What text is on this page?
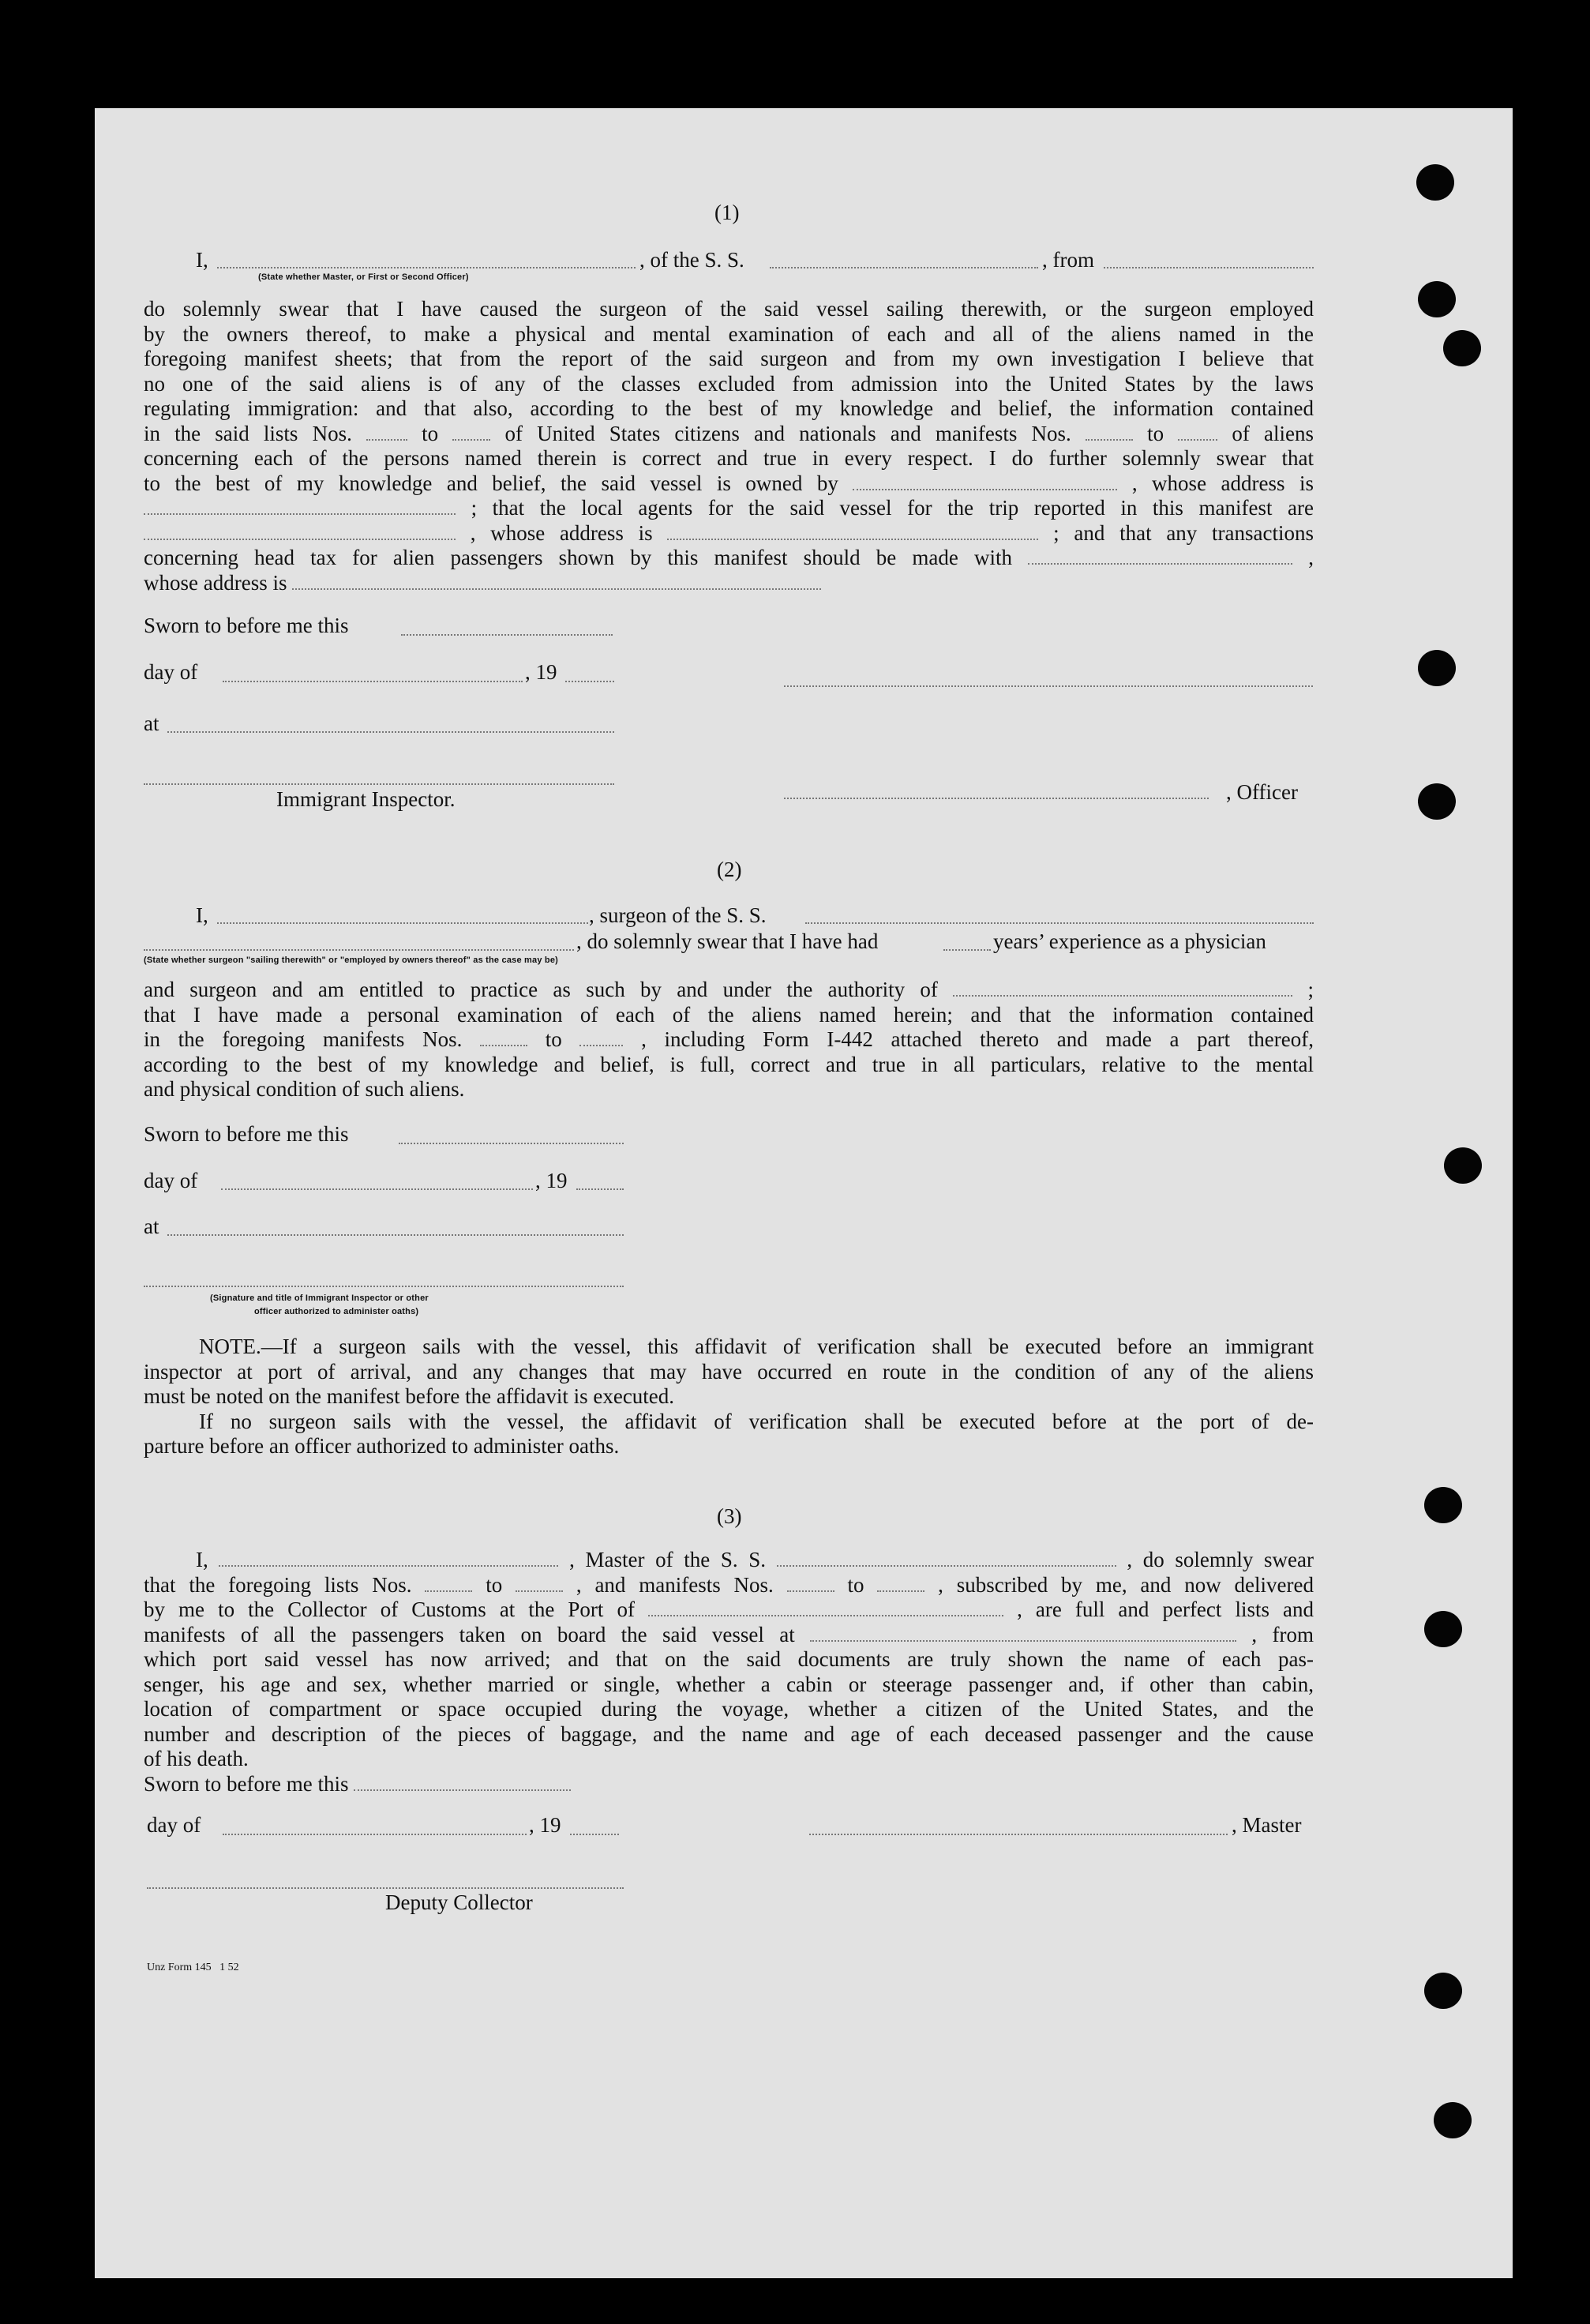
(1)
I,	, of the S. S.	, from
(State whether Master, or First or Second Officer)
do solemnly swear that I have caused the surgeon of the said vessel sailing therewith, or the surgeon employed
by the owners thereof, to make a physical and mental examination of each and all of the aliens named in the
foregoing manifest sheets; that from the report of the said surgeon and from my own investigation I believe that
no one of the said aliens is of any of the classes excluded from admission into the United States by the laws
regulating immigration: and that also, according to the best of my knowledge and belief, the information contained
in the said lists Nos.	to	of United States citizens and nationals and manifests Nos.	to	of aliens
concerning each of the persons named therein is correct and true in every respect. I do further solemnly swear that
to the best of my knowledge and belief, the said vessel is owned by	, whose address is
; that the local agents for the said vessel for the trip reported in this manifest are
, whose address is	; and that any transactions
concerning head tax for alien passengers shown by this manifest should be made with	,
whose address is
Sworn to before me this
day of	, 19
at
Immigrant Inspector.	, Officer
(2)
I,	, surgeon of the S. S.
, do solemnly swear that I have had	years’ experience as a physician
(State whether surgeon "sailing therewith" or "employed by owners thereof" as the case may be)
and surgeon and am entitled to practice as such by and under the authority of	;
that I have made a personal examination of each of the aliens named herein; and that the information contained
in the foregoing manifests Nos.	to	, including Form I-442 attached thereto and made a part thereof,
according to the best of my knowledge and belief, is full, correct and true in all particulars, relative to the mental
and physical condition of such aliens.
Sworn to before me this
day of	, 19
at
(Signature and title of Immigrant Inspector or other
officer authorized to administer oaths)
NOTE.—If a surgeon sails with the vessel, this affidavit of verification shall be executed before an immigrant
inspector at port of arrival, and any changes that may have occurred en route in the condition of any of the aliens
must be noted on the manifest before the affidavit is executed.
If no surgeon sails with the vessel, the affidavit of verification shall be executed before at the port of de-
parture before an officer authorized to administer oaths.
(3)
I,	, Master of the S. S.	, do solemnly swear
that the foregoing lists Nos.	to	, and manifests Nos.	to	, subscribed by me, and now delivered
by me to the Collector of Customs at the Port of	, are full and perfect lists and
manifests of all the passengers taken on board the said vessel at	, from
which port said vessel has now arrived; and that on the said documents are truly shown the name of each pas-
senger, his age and sex, whether married or single, whether a cabin or steerage passenger and, if other than cabin,
location of compartment or space occupied during the voyage, whether a citizen of the United States, and the
number and description of the pieces of baggage, and the name and age of each deceased passenger and the cause
of his death.
Sworn to before me this
day of	, 19	, Master
Deputy Collector
Unz Form 145   1 52
